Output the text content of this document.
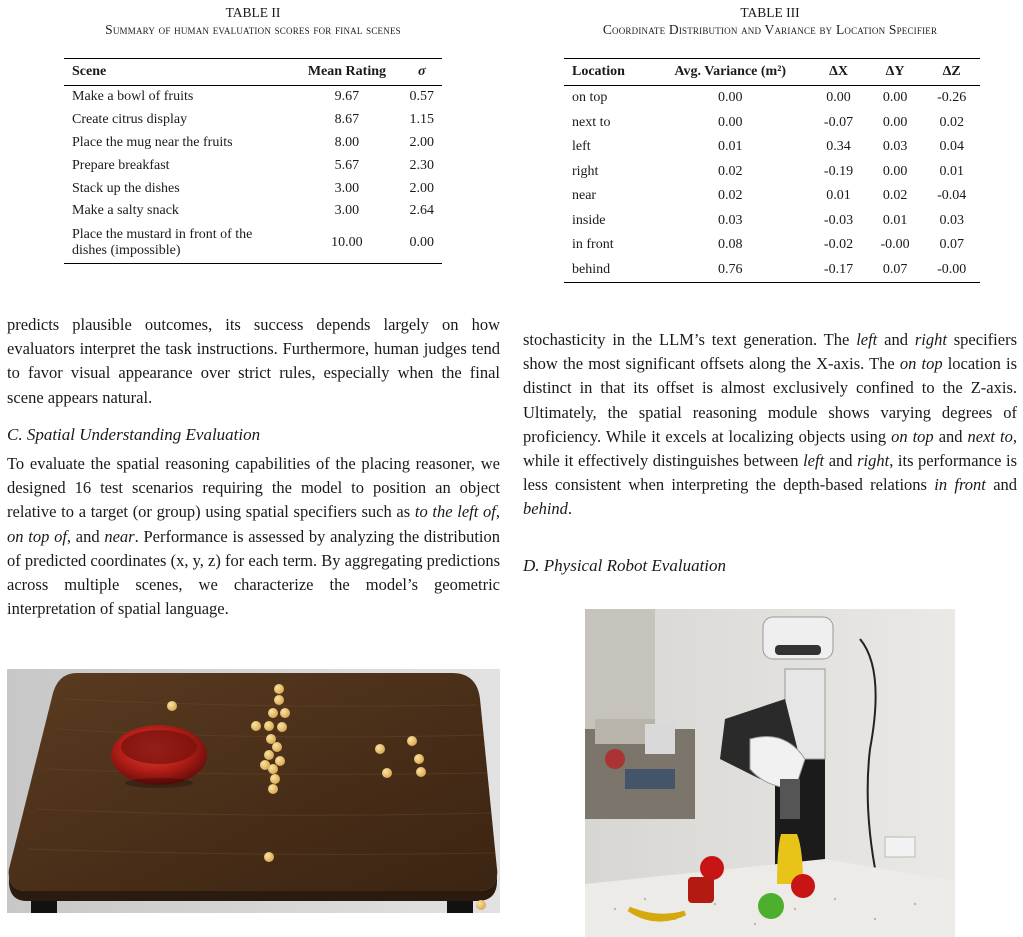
TABLE II
Summary of human evaluation scores for final scenes
Scene	Mean Rating	σ
Make a bowl of fruits	9.67	0.57
Create citrus display	8.67	1.15
Place the mug near the fruits	8.00	2.00
Prepare breakfast	5.67	2.30
Stack up the dishes	3.00	2.00
Make a salty snack	3.00	2.64
Place the mustard in front of the dishes (impossible)	10.00	0.00
TABLE III
Coordinate Distribution and Variance by Location Specifier
Location	Avg. Variance (m²)	ΔX	ΔY	ΔZ
on top	0.00	0.00	0.00	-0.26
next to	0.00	-0.07	0.00	0.02
left	0.01	0.34	0.03	0.04
right	0.02	-0.19	0.00	0.01
near	0.02	0.01	0.02	-0.04
inside	0.03	-0.03	0.01	0.03
in front	0.08	-0.02	-0.00	0.07
behind	0.76	-0.17	0.07	-0.00

predicts plausible outcomes, its success depends largely on how evaluators interpret the task instructions. Furthermore, human judges tend to favor visual appearance over strict rules, especially when the final scene appears natural.

C. Spatial Understanding Evaluation

To evaluate the spatial reasoning capabilities of the placing reasoner, we designed 16 test scenarios requiring the model to position an object relative to a target (or group) using spatial specifiers such as to the left of, on top of, and near. Performance is assessed by analyzing the distribution of predicted coordinates (x, y, z) for each term. By aggregating predictions across multiple scenes, we characterize the model’s geometric interpretation of spatial language.

stochasticity in the LLM’s text generation. The left and right specifiers show the most significant offsets along the X-axis. The on top location is distinct in that its offset is almost exclusively confined to the Z-axis. Ultimately, the spatial reasoning module shows varying degrees of proficiency. While it excels at localizing objects using on top and next to, while it effectively distinguishes between left and right, its performance is less consistent when interpreting the depth-based relations in front and behind.

D. Physical Robot Evaluation
